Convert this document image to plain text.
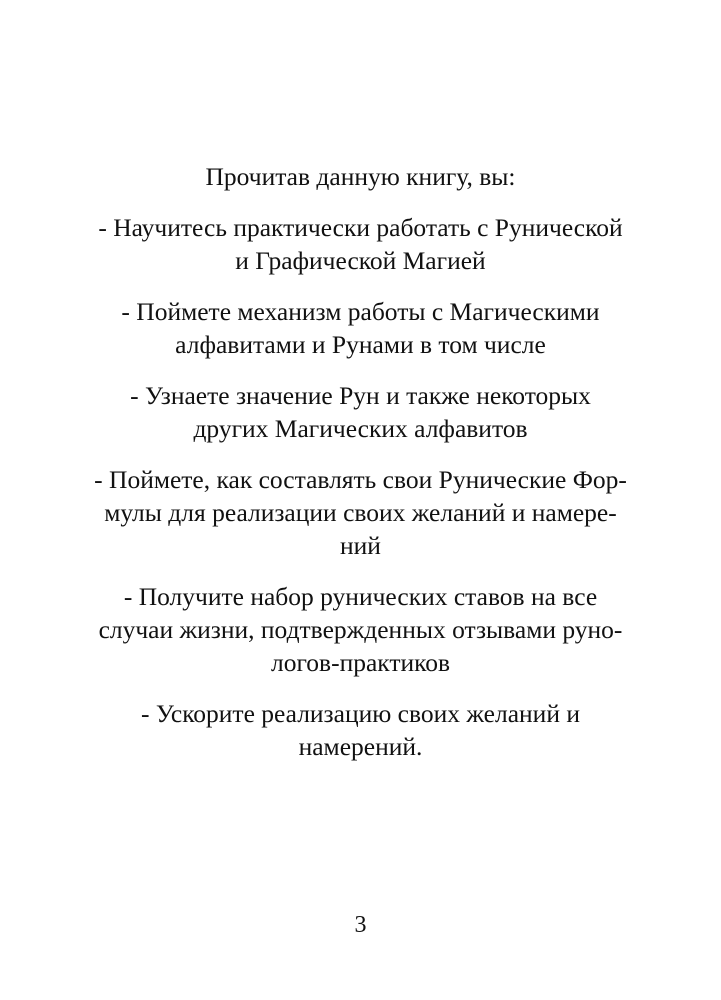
Прочитав данную книгу, вы:
- Научитесь практически работать с Рунической
и Графической Магией
- Поймете механизм работы с Магическими
алфавитами и Рунами в том числе
- Узнаете значение Рун и также некоторых
других Магических алфавитов
- Поймете, как составлять свои Рунические Фор-
мулы для реализации своих желаний и намере-
ний
- Получите набор рунических ставов на все
случаи жизни, подтвержденных отзывами руно-
логов-практиков
- Ускорите реализацию своих желаний и
намерений.
3
